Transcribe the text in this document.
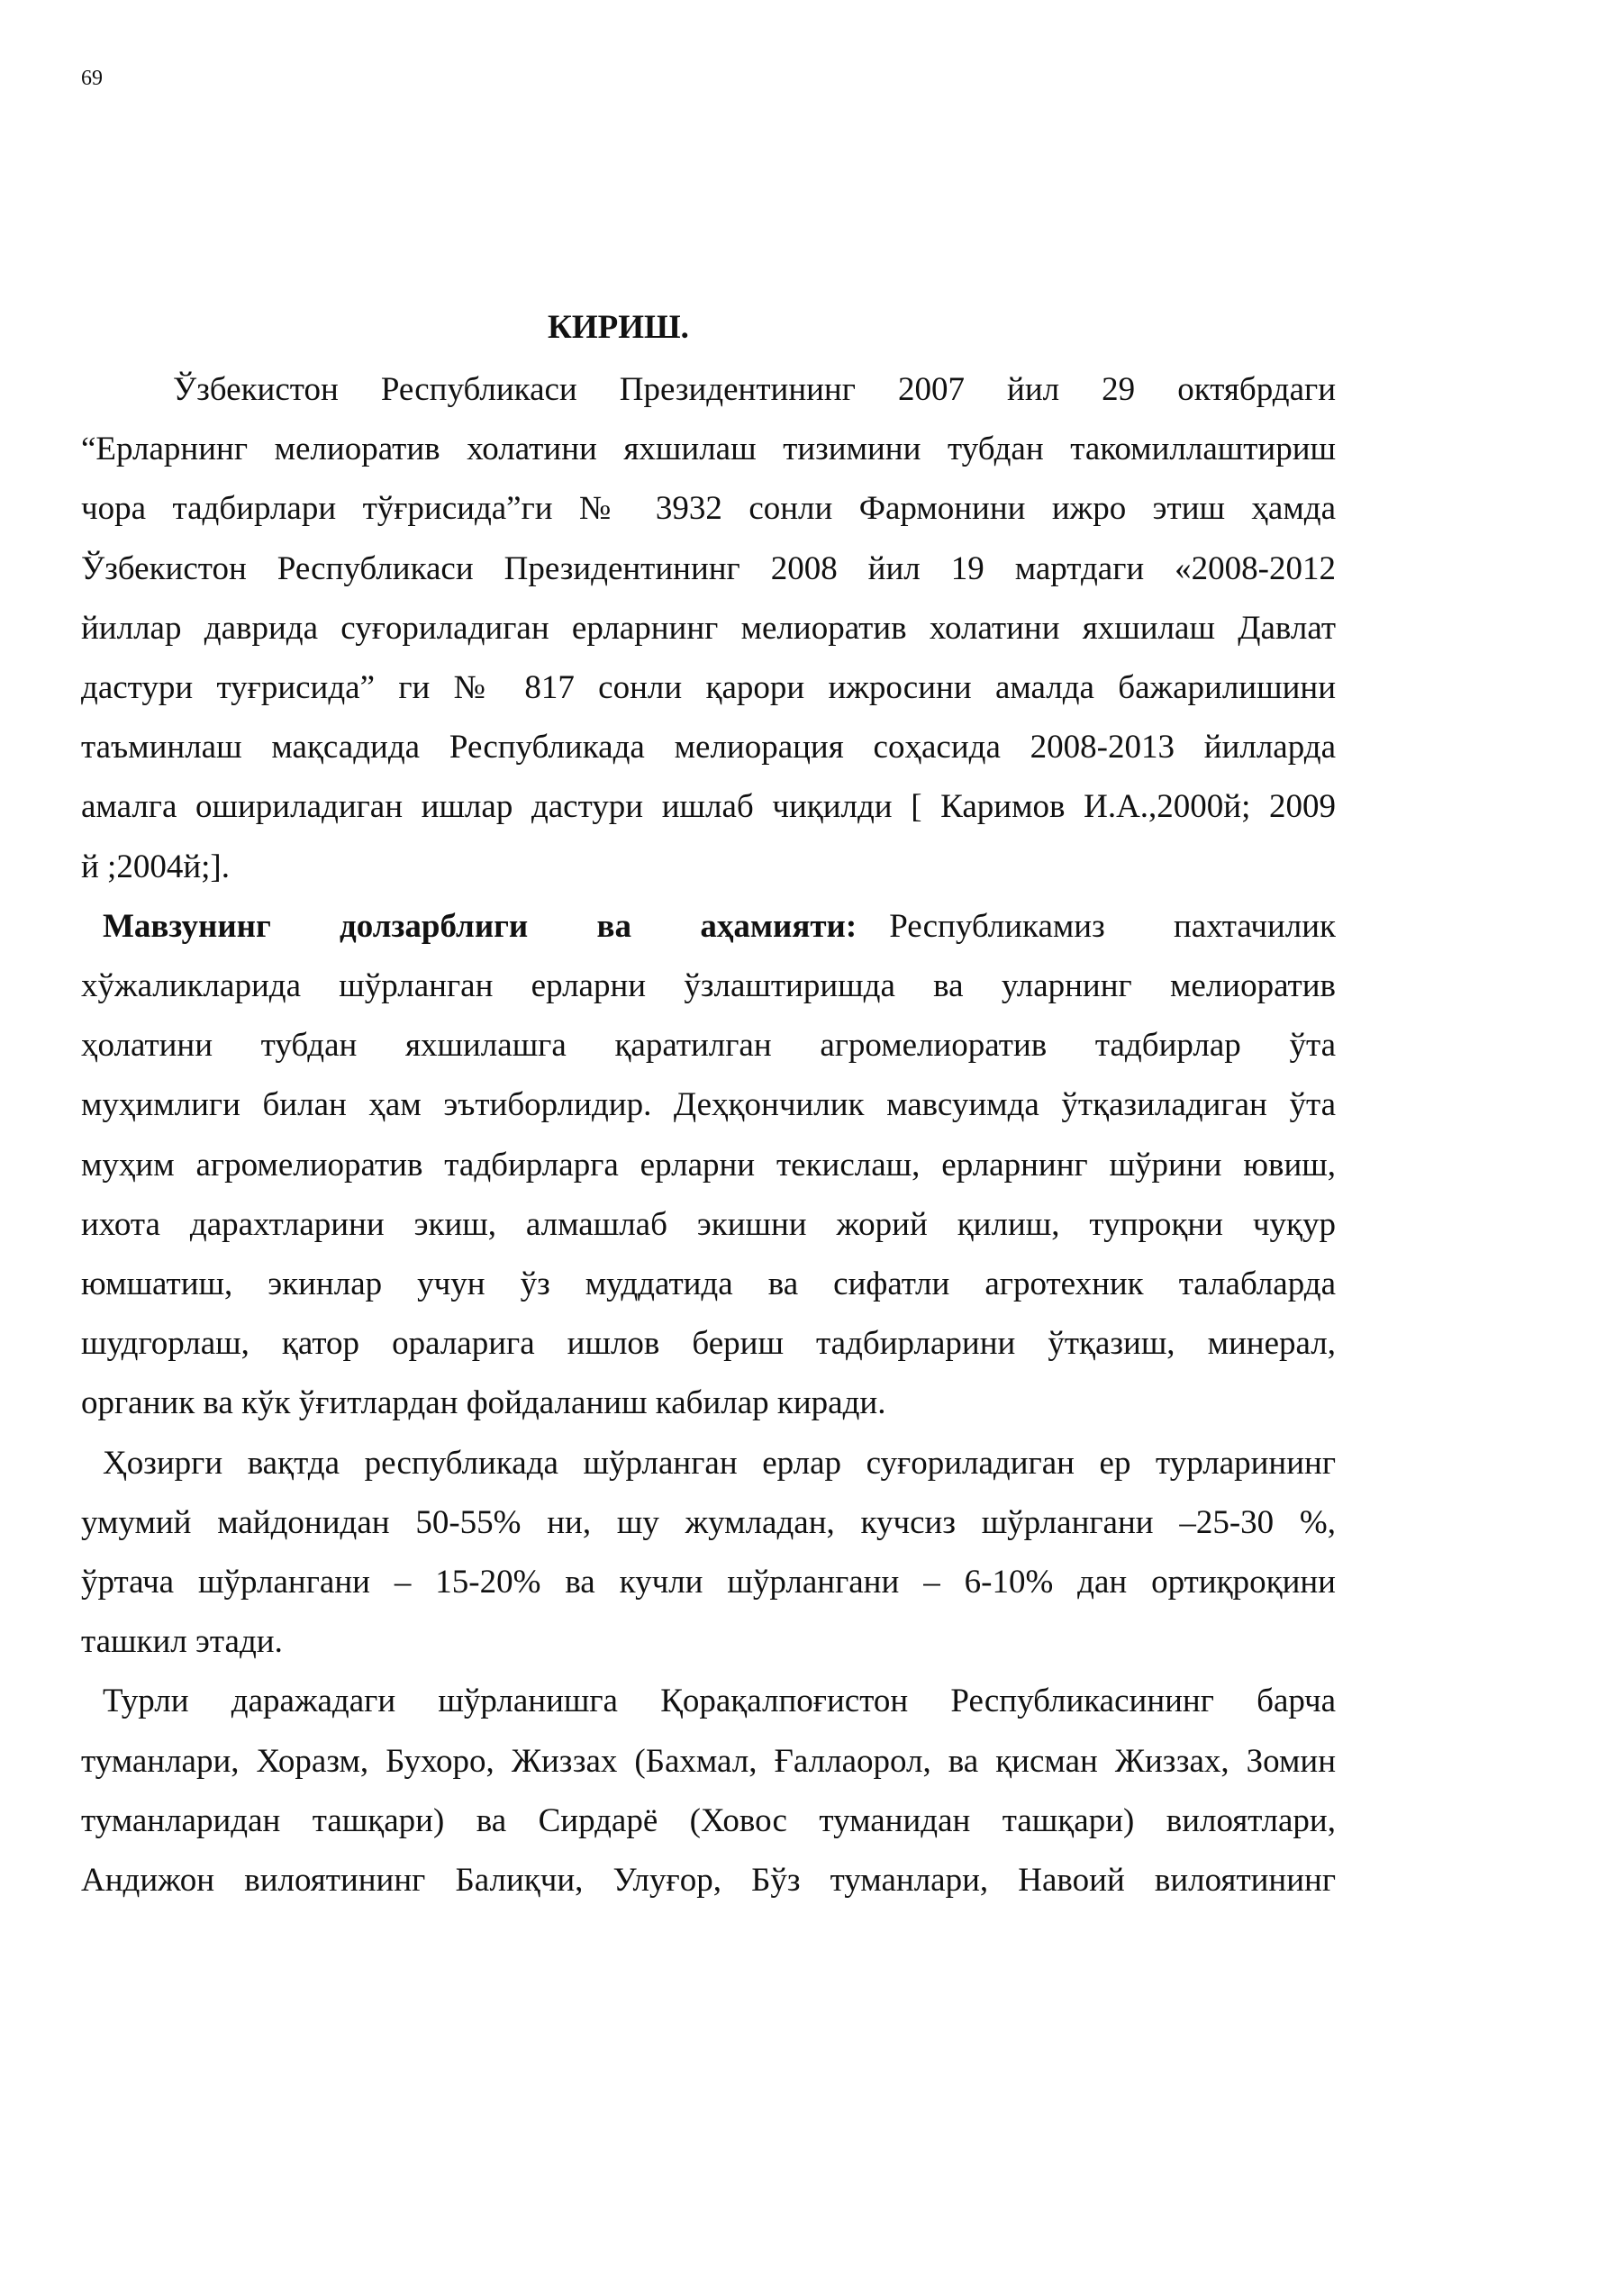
69
КИРИШ.

Ўзбекистон Республикаси Президентининг 2007 йил 29 октябрдаги
“Ерларнинг мелиоратив холатини яхшилаш тизимини тубдан такомиллаштириш
чора тадбирлари тўғрисида”ги № 3932 сонли Фармонини ижро этиш ҳамда
Ўзбекистон Республикаси Президентининг 2008 йил 19 мартдаги «2008-2012
йиллар даврида суғориладиган ерларнинг мелиоратив холатини яхшилаш Давлат
дастури туғрисида” ги № 817 сонли қарори ижросини амалда бажарилишини
таъминлаш мақсадида Республикада мелиорация соҳасида 2008-2013 йилларда
амалга ошириладиган ишлар дастури ишлаб чиқилди [ Каримов И.А.,2000й; 2009
й ;2004й;].

Мавзунинг долзарблиги ва аҳамияти: Республикамиз пахтачилик
хўжаликларида шўрланган ерларни ўзлаштиришда ва уларнинг мелиоратив
ҳолатини тубдан яхшилашга қаратилган агромелиоратив тадбирлар ўта
муҳимлиги билан ҳам эътиборлидир. Деҳқончилик мавсуимда ўтқазиладиган ўта
муҳим агромелиоратив тадбирларга ерларни текислаш, ерларнинг шўрини ювиш,
ихота дарахтларини экиш, алмашлаб экишни жорий қилиш, тупроқни чуқур
юмшатиш, экинлар учун ўз муддатида ва сифатли агротехник талабларда
шудгорлаш, қатор ораларига ишлов бериш тадбирларини ўтқазиш, минерал,
органик ва кўк ўғитлардан фойдаланиш кабилар киради.

Ҳозирги вақтда республикада шўрланган ерлар суғориладиган ер турларининг
умумий майдонидан 50-55% ни, шу жумладан, кучсиз шўрлангани –25-30 %,
ўртача шўрлангани – 15-20% ва кучли шўрлангани – 6-10% дан ортиқроқини
ташкил этади.

Турли даражадаги шўрланишга Қорақалпоғистон Республикасининг барча
туманлари, Хоразм, Бухоро, Жиззах (Бахмал, Ғаллаорол, ва қисман Жиззах, Зомин
туманларидан ташқари) ва Сирдарё (Ховос туманидан ташқари) вилоятлари,
Андижон вилоятининг Балиқчи, Улуғор, Бўз туманлари, Навоий вилоятининг
